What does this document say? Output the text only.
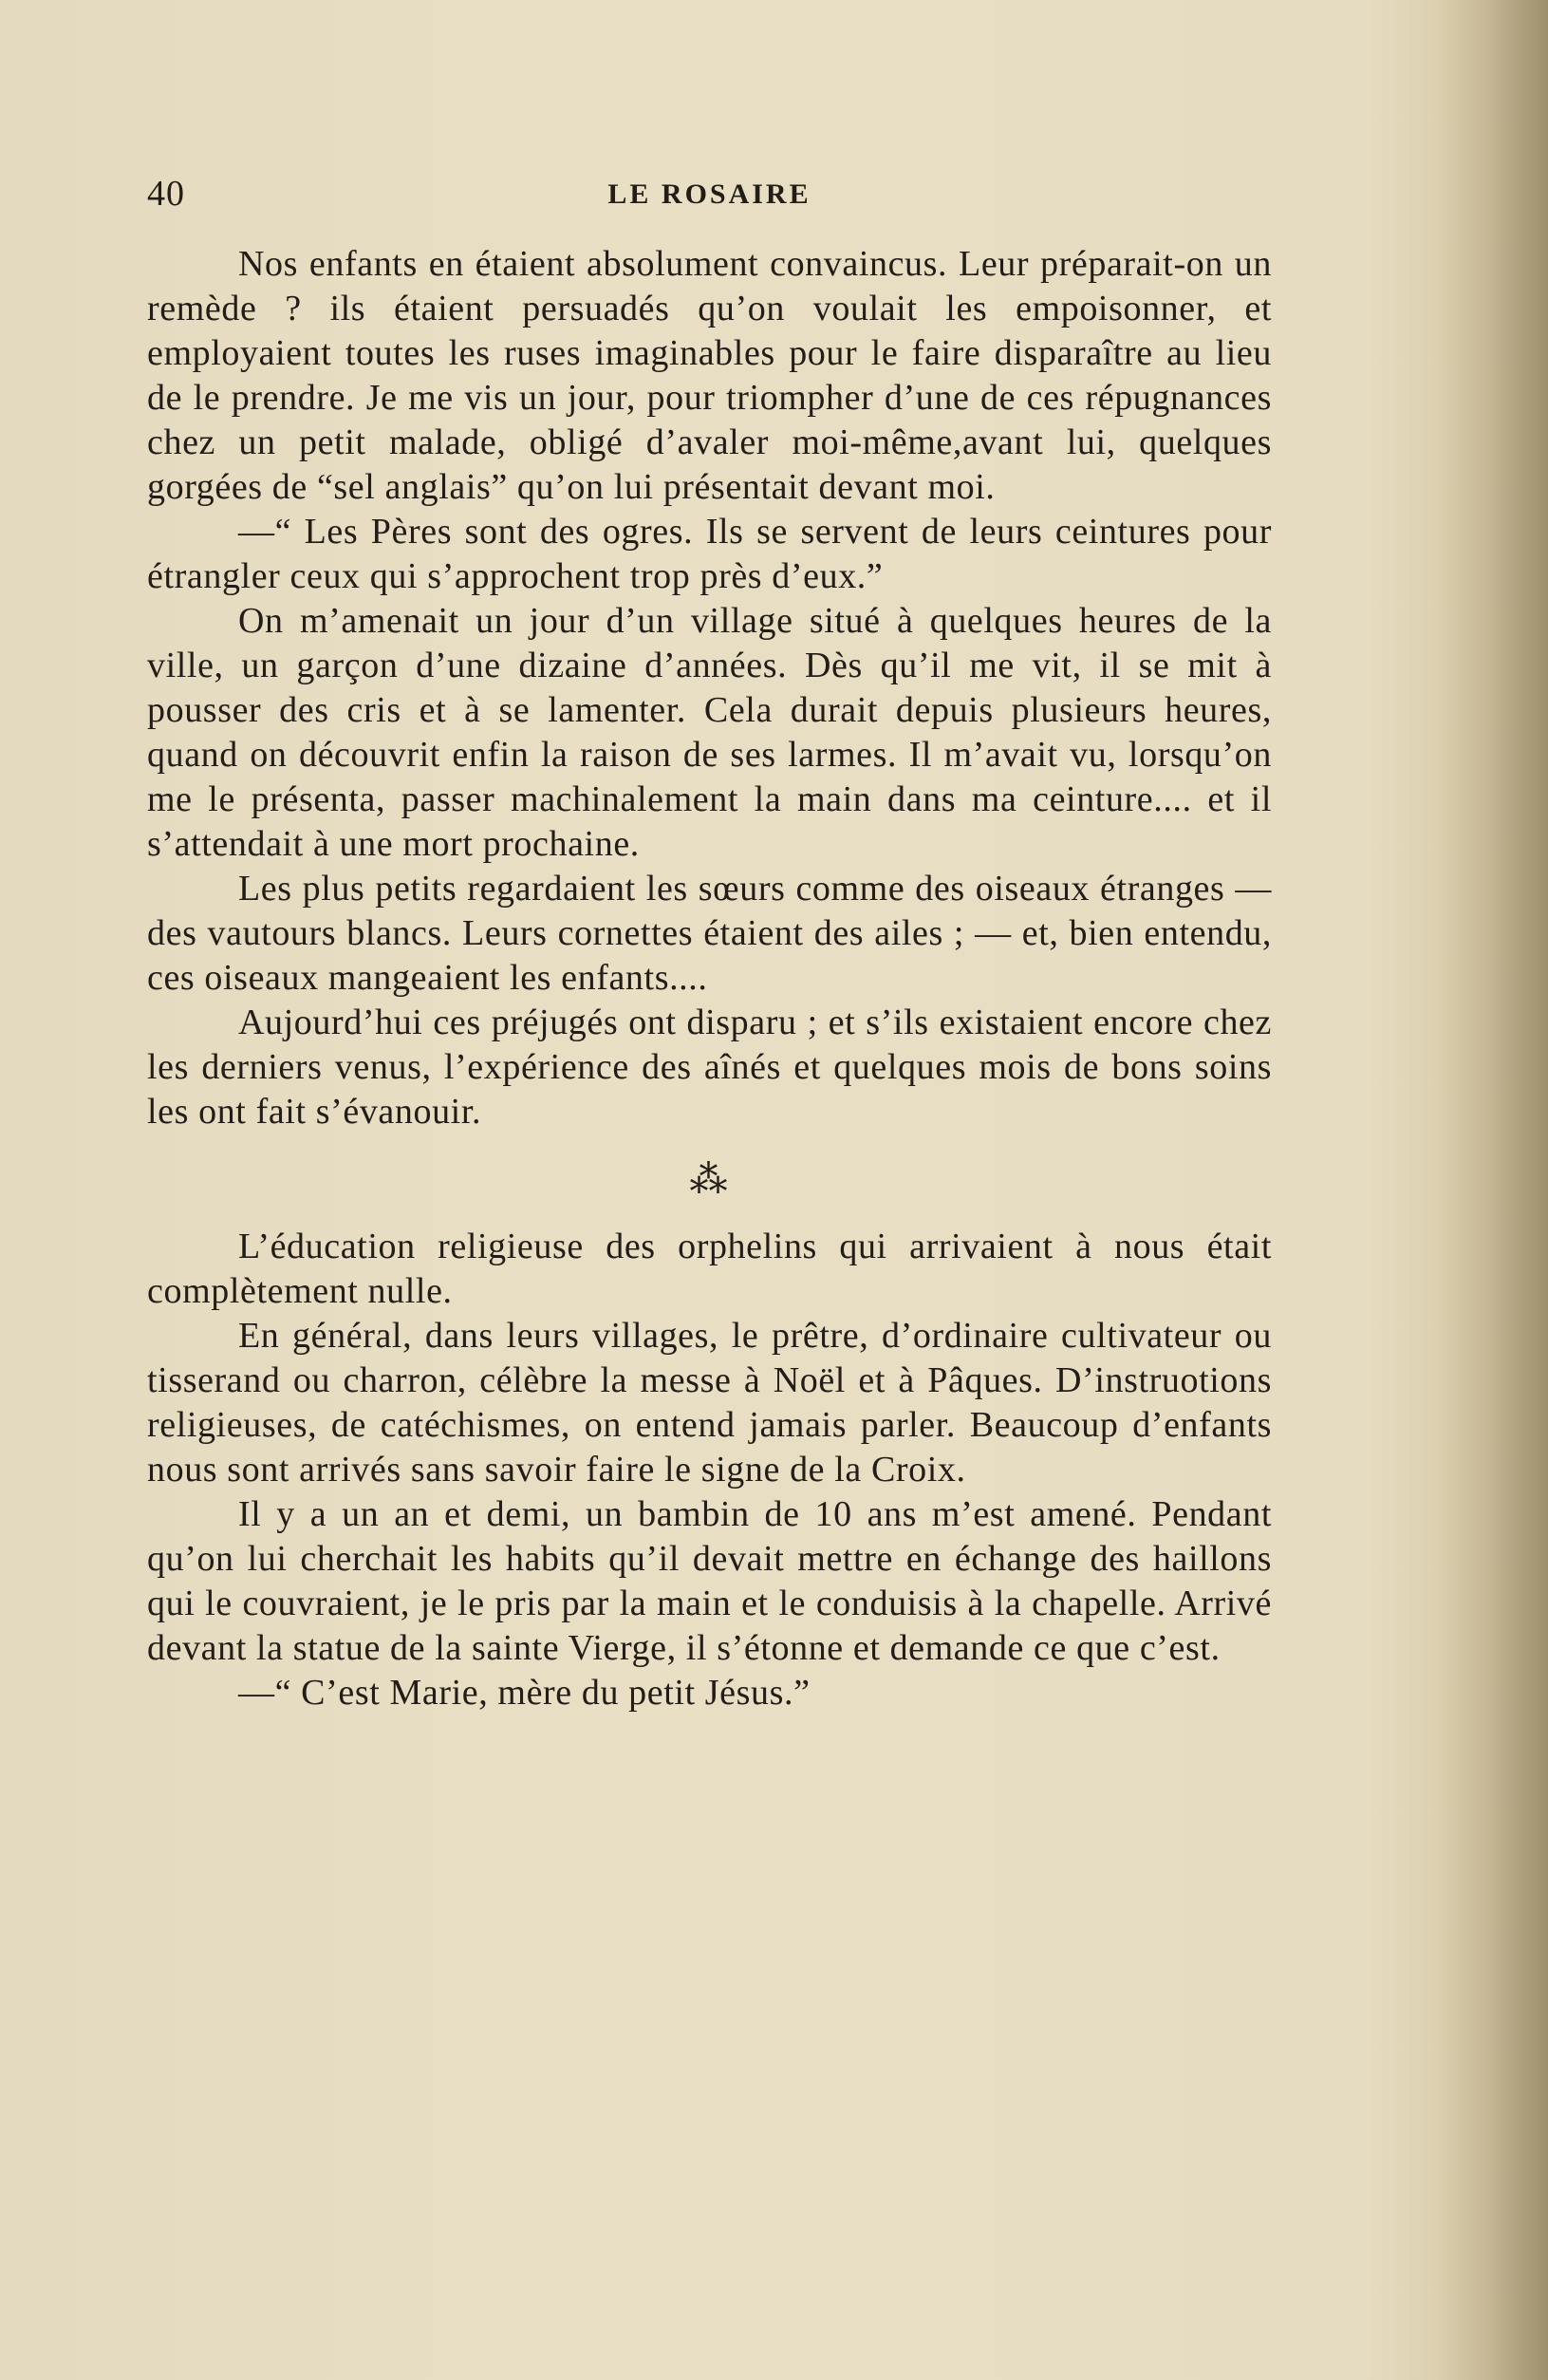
40	LE ROSAIRE

Nos enfants en étaient absolument convaincus. Leur préparait-on un remède ? ils étaient persuadés qu’on voulait les empoisonner, et employaient toutes les ruses imaginables pour le faire disparaître au lieu de le prendre. Je me vis un jour, pour triompher d’une de ces répugnances chez un petit malade, obligé d’avaler moi-même,avant lui, quelques gorgées de “sel anglais” qu’on lui présentait devant moi.

—“ Les Pères sont des ogres. Ils se servent de leurs ceintures pour étrangler ceux qui s’approchent trop près d’eux.”

On m’amenait un jour d’un village situé à quelques heures de la ville, un garçon d’une dizaine d’années. Dès qu’il me vit, il se mit à pousser des cris et à se lamenter. Cela durait depuis plusieurs heures, quand on découvrit enfin la raison de ses larmes. Il m’avait vu, lorsqu’on me le présenta, passer machinalement la main dans ma ceinture.... et il s’attendait à une mort prochaine.

Les plus petits regardaient les sœurs comme des oiseaux étranges — des vautours blancs. Leurs cornettes étaient des ailes ; — et, bien entendu, ces oiseaux mangeaient les enfants....

Aujourd’hui ces préjugés ont disparu ; et s’ils existaient encore chez les derniers venus, l’expérience des aînés et quelques mois de bons soins les ont fait s’évanouir.

⁂

L’éducation religieuse des orphelins qui arrivaient à nous était complètement nulle.

En général, dans leurs villages, le prêtre, d’ordinaire cultivateur ou tisserand ou charron, célèbre la messe à Noël et à Pâques. D’instruotions religieuses, de catéchismes, on entend jamais parler. Beaucoup d’enfants nous sont arrivés sans savoir faire le signe de la Croix.

Il y a un an et demi, un bambin de 10 ans m’est amené. Pendant qu’on lui cherchait les habits qu’il devait mettre en échange des haillons qui le couvraient, je le pris par la main et le conduisis à la chapelle. Arrivé devant la statue de la sainte Vierge, il s’étonne et demande ce que c’est.

—“ C’est Marie, mère du petit Jésus.”
